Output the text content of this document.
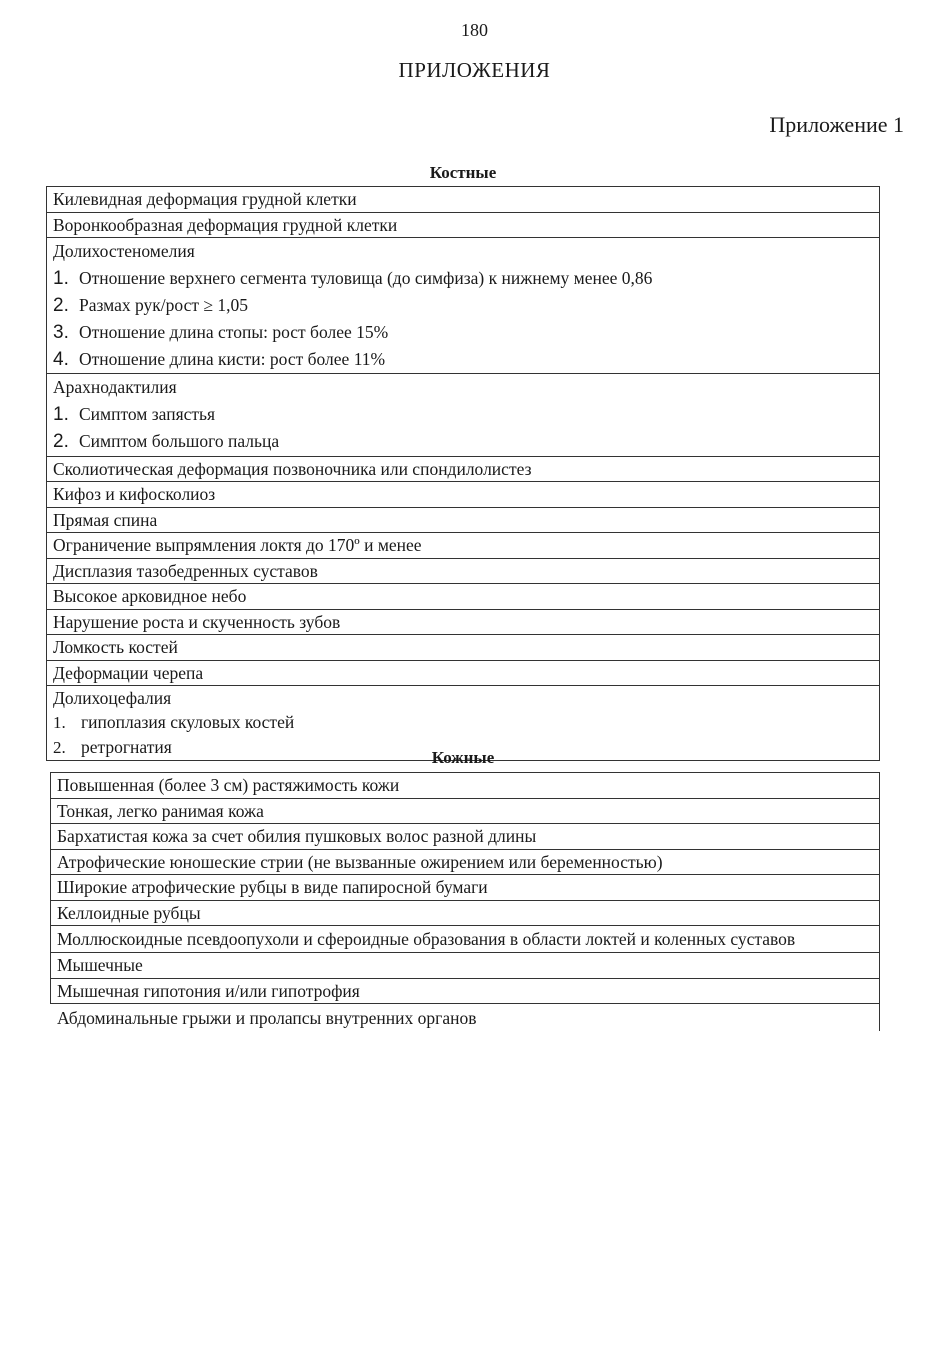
180
ПРИЛОЖЕНИЯ
Приложение 1
Костные
Килевидная деформация грудной клетки
Воронкообразная деформация грудной клетки
Долихостеномелия
1. Отношение верхнего сегмента туловища (до симфиза) к нижнему менее 0,86
2. Размах рук/рост ≥ 1,05
3. Отношение длина стопы: рост более 15%
4. Отношение длина кисти: рост более 11%
Арахнодактилия
1. Симптом запястья
2. Симптом большого пальца
Сколиотическая деформация позвоночника или спондилолистез
Кифоз и кифосколиоз
Прямая спина
Ограничение выпрямления локтя до 170º и менее
Дисплазия тазобедренных суставов
Высокое арковидное небо
Нарушение роста и скученность зубов
Ломкость костей
Деформации черепа
Долихоцефалия
1. гипоплазия скуловых костей
2. ретрогнатия
Кожные
Повышенная (более 3 см) растяжимость кожи
Тонкая, легко ранимая кожа
Бархатистая кожа за счет обилия пушковых волос разной длины
Атрофические юношеские стрии (не вызванные ожирением или беременностью)
Широкие атрофические рубцы в виде папиросной бумаги
Келлоидные рубцы
Моллюскоидные псевдоопухоли и сфероидные образования в области локтей и коленных суставов
Мышечные
Мышечная гипотония и/или гипотрофия
Абдоминальные грыжи и пролапсы внутренних органов
